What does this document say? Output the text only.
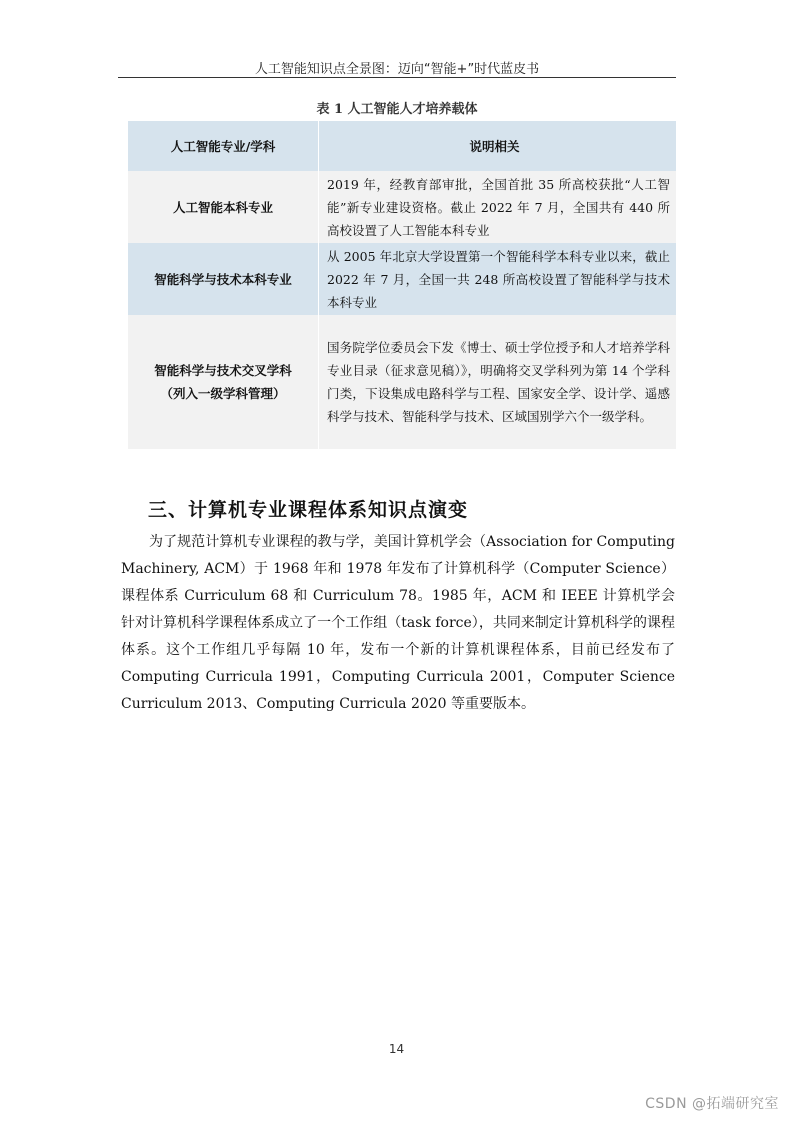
人工智能知识点全景图：迈向“智能+”时代蓝皮书
表 1 人工智能人才培养载体
人工智能专业/学科	说明相关
人工智能本科专业	2019 年，经教育部审批，全国首批 35 所高校获批“人工智能”新专业建设资格。截止 2022 年 7 月，全国共有 440 所高校设置了人工智能本科专业
智能科学与技术本科专业	从 2005 年北京大学设置第一个智能科学本科专业以来，截止 2022 年 7 月，全国一共 248 所高校设置了智能科学与技术本科专业

智能科学与技术交叉学科
（列入一级学科管理）	国务院学位委员会下发《博士、硕士学位授予和人才培养学科专业目录（征求意见稿）》，明确将交叉学科列为第 14 个学科门类，下设集成电路科学与工程、国家安全学、设计学、遥感科学与技术、智能科学与技术、区域国别学六个一级学科。
三、计算机专业课程体系知识点演变
为了规范计算机专业课程的教与学，美国计算机学会（Association for Computing Machinery, ACM）于 1968 年和 1978 年发布了计算机科学（Computer Science）课程体系 Curriculum 68 和 Curriculum 78。1985 年，ACM 和 IEEE 计算机学会针对计算机科学课程体系成立了一个工作组（task force），共同来制定计算机科学的课程体系。这个工作组几乎每隔 10 年，发布一个新的计算机课程体系，目前已经发布了 Computing Curricula 1991，Computing Curricula 2001，Computer Science Curriculum 2013、Computing Curricula 2020 等重要版本。
14
CSDN @拓端研究室
